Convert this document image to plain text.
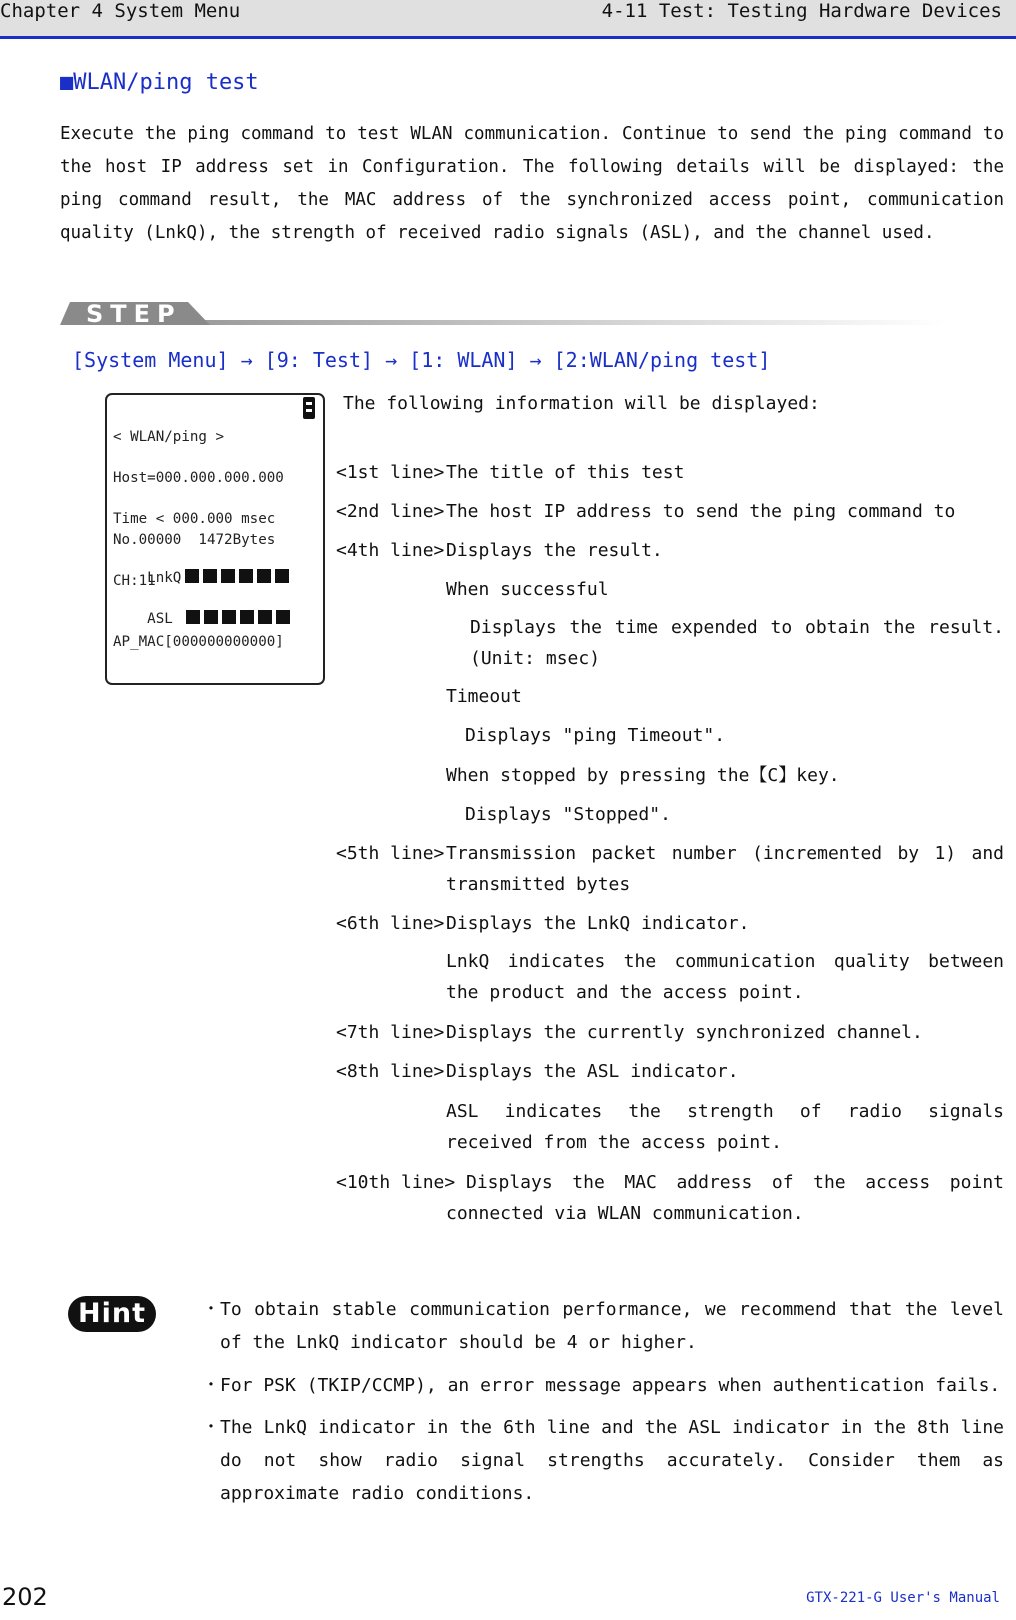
Chapter 4 System Menu	4-11 Test: Testing Hardware Devices
■WLAN/ping test

Execute the ping command to test WLAN communication. Continue to send the ping command to the host IP address set in Configuration. The following details will be displayed: the ping command result, the MAC address of the synchronized access point, communication quality (LnkQ), the strength of received radio signals (ASL), and the channel used.

STEP
[System Menu] → [9: Test] → [1: WLAN] → [2:WLAN/ping test]
< WLAN/ping >
Host=000.000.000.000
Time < 000.000 msec
No.00000  1472Bytes

LnkQ

CH:11

ASL

AP_MAC[000000000000]
The following information will be displayed:
<1st line> The title of this test
<2nd line> The host IP address to send the ping command to
<4th line> Displays the result.
When successful
Displays the time expended to obtain the result. (Unit: msec)
Timeout
Displays "ping Timeout".
When stopped by pressing the【C】key.
Displays "Stopped".
<5th line> Transmission packet number (incremented by 1) and transmitted bytes
<6th line> Displays the LnkQ indicator.
LnkQ indicates the communication quality between the product and the access point.
<7th line> Displays the currently synchronized channel.
<8th line> Displays the ASL indicator.
ASL indicates the strength of radio signals received from the access point.
<10th line> Displays the MAC address of the access point connected via WLAN communication.
Hint	・ To obtain stable communication performance, we recommend that the level of the LnkQ indicator should be 4 or higher.
・ For PSK (TKIP/CCMP), an error message appears when authentication fails.
・ The LnkQ indicator in the 6th line and the ASL indicator in the 8th line do not show radio signal strengths accurately. Consider them as approximate radio conditions.
202	GTX-221-G User's Manual
